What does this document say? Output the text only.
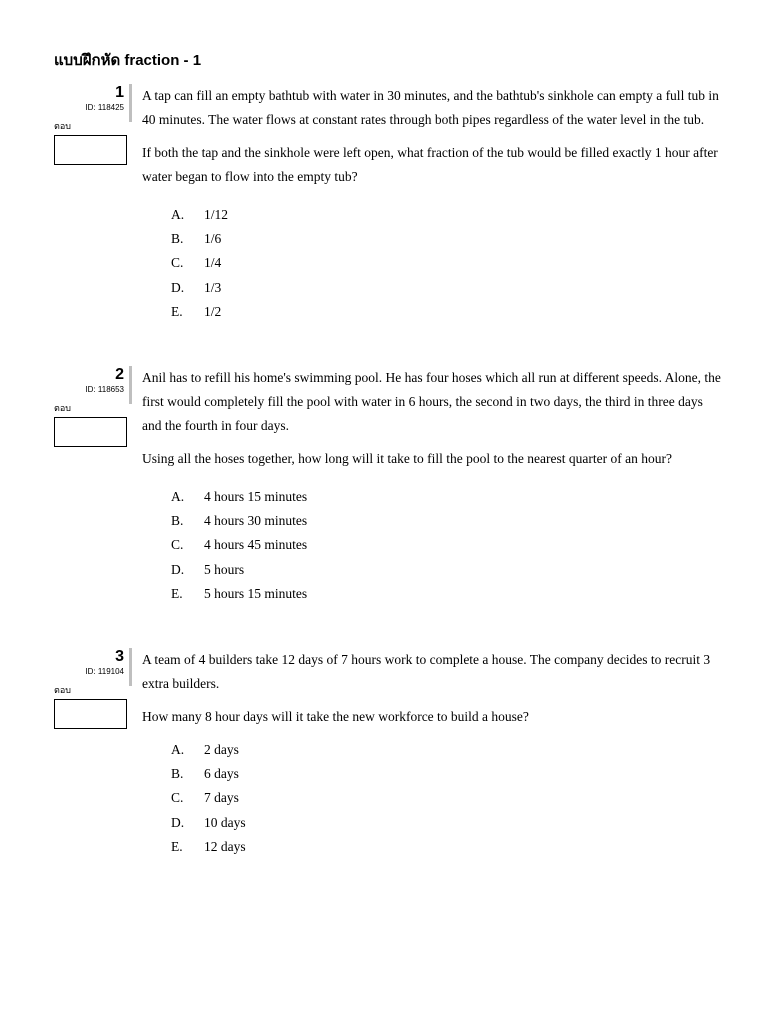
แบบฝึกหัด fraction - 1
1
ID: 118425
ตอบ

A tap can fill an empty bathtub with water in 30 minutes, and the bathtub's sinkhole can empty a full tub in 40 minutes. The water flows at constant rates through both pipes regardless of the water level in the tub.

If both the tap and the sinkhole were left open, what fraction of the tub would be filled exactly 1 hour after water began to flow into the empty tub?

A. 1/12
B. 1/6
C. 1/4
D. 1/3
E. 1/2
2
ID: 118653
ตอบ

Anil has to refill his home's swimming pool. He has four hoses which all run at different speeds. Alone, the first would completely fill the pool with water in 6 hours, the second in two days, the third in three days and the fourth in four days.

Using all the hoses together, how long will it take to fill the pool to the nearest quarter of an hour?

A. 4 hours 15 minutes
B. 4 hours 30 minutes
C. 4 hours 45 minutes
D. 5 hours
E. 5 hours 15 minutes
3
ID: 119104
ตอบ

A team of 4 builders take 12 days of 7 hours work to complete a house. The company decides to recruit 3 extra builders.

How many 8 hour days will it take the new workforce to build a house?

A. 2 days
B. 6 days
C. 7 days
D. 10 days
E. 12 days
